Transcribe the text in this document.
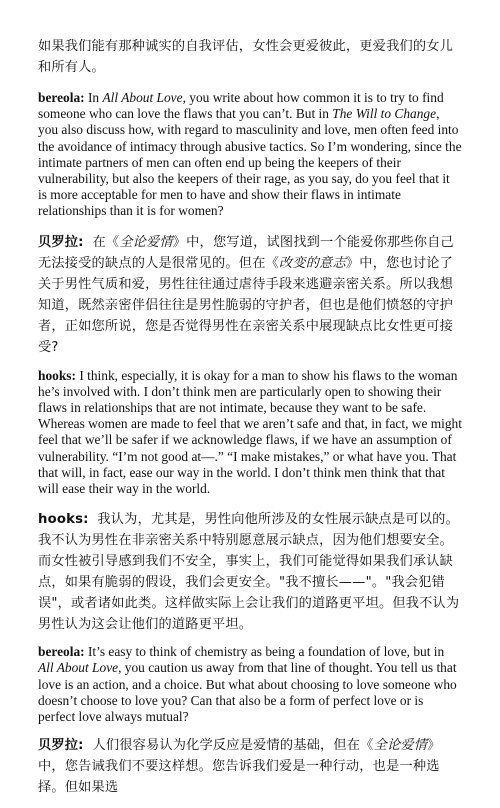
如果我们能有那种诚实的自我评估，女性会更爱彼此，更爱我们的女儿和所有人。

bereola: In All About Love, you write about how common it is to try to find someone who can love the flaws that you can’t. But in The Will to Change, you also discuss how, with regard to masculinity and love, men often feed into the avoidance of intimacy through abusive tactics. So I’m wondering, since the intimate partners of men can often end up being the keepers of their vulnerability, but also the keepers of their rage, as you say, do you feel that it is more acceptable for men to have and show their flaws in intimate relationships than it is for women?

贝罗拉: 在《全论爱情》中，您写道，试图找到一个能爱你那些你自己无法接受的缺点的人是很常见的。但在《改变的意志》中，您也讨论了关于男性气质和爱，男性往往通过虐待手段来逃避亲密关系。所以我想知道，既然亲密伴侣往往是男性脆弱的守护者，但也是他们愤怒的守护者，正如您所说，您是否觉得男性在亲密关系中展现缺点比女性更可接受?

hooks: I think, especially, it is okay for a man to show his flaws to the woman he’s involved with. I don’t think men are particularly open to showing their flaws in relationships that are not intimate, because they want to be safe. Whereas women are made to feel that we aren’t safe and that, in fact, we might feel that we’ll be safer if we acknowledge flaws, if we have an assumption of vulnerability. “I’m not good at—.” “I make mistakes,” or what have you. That that will, in fact, ease our way in the world. I don’t think men think that that will ease their way in the world.

hooks: 我认为，尤其是，男性向他所涉及的女性展示缺点是可以的。我不认为男性在非亲密关系中特别愿意展示缺点，因为他们想要安全。而女性被引导感到我们不安全，事实上，我们可能觉得如果我们承认缺点，如果有脆弱的假设，我们会更安全。"我不擅长——"。"我会犯错误"，或者诸如此类。这样做实际上会让我们的道路更平坦。但我不认为男性认为这会让他们的道路更平坦。

bereola: It’s easy to think of chemistry as being a foundation of love, but in All About Love, you caution us away from that line of thought. You tell us that love is an action, and a choice. But what about choosing to love someone who doesn’t choose to love you? Can that also be a form of perfect love or is perfect love always mutual?

贝罗拉: 人们很容易认为化学反应是爱情的基础，但在《全论爱情》中，您告诫我们不要这样想。您告诉我们爱是一种行动，也是一种选择。但如果选
